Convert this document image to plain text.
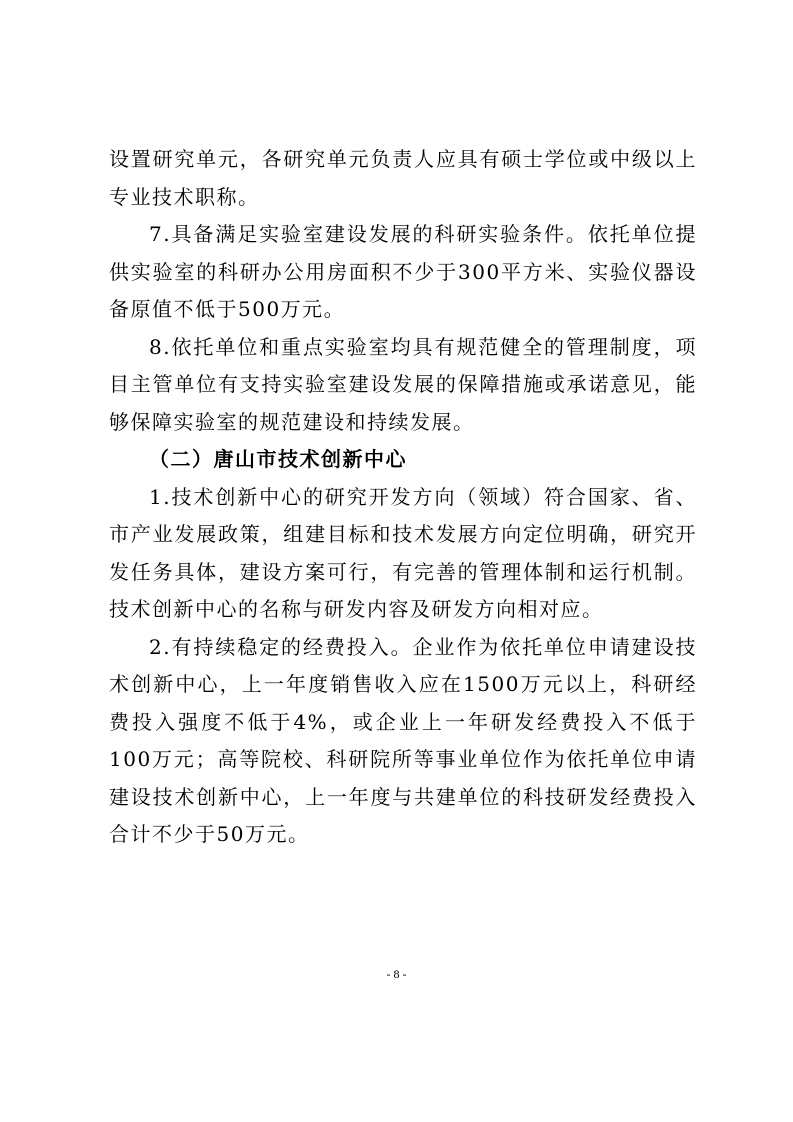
设置研究单元，各研究单元负责人应具有硕士学位或中级以上专业技术职称。

7.具备满足实验室建设发展的科研实验条件。依托单位提供实验室的科研办公用房面积不少于300平方米、实验仪器设备原值不低于500万元。

8.依托单位和重点实验室均具有规范健全的管理制度，项目主管单位有支持实验室建设发展的保障措施或承诺意见，能够保障实验室的规范建设和持续发展。

（二）唐山市技术创新中心

1.技术创新中心的研究开发方向（领域）符合国家、省、市产业发展政策，组建目标和技术发展方向定位明确，研究开发任务具体，建设方案可行，有完善的管理体制和运行机制。技术创新中心的名称与研发内容及研发方向相对应。

2.有持续稳定的经费投入。企业作为依托单位申请建设技术创新中心，上一年度销售收入应在1500万元以上，科研经费投入强度不低于4%，或企业上一年研发经费投入不低于100万元；高等院校、科研院所等事业单位作为依托单位申请建设技术创新中心，上一年度与共建单位的科技研发经费投入合计不少于50万元。

- 8 -
